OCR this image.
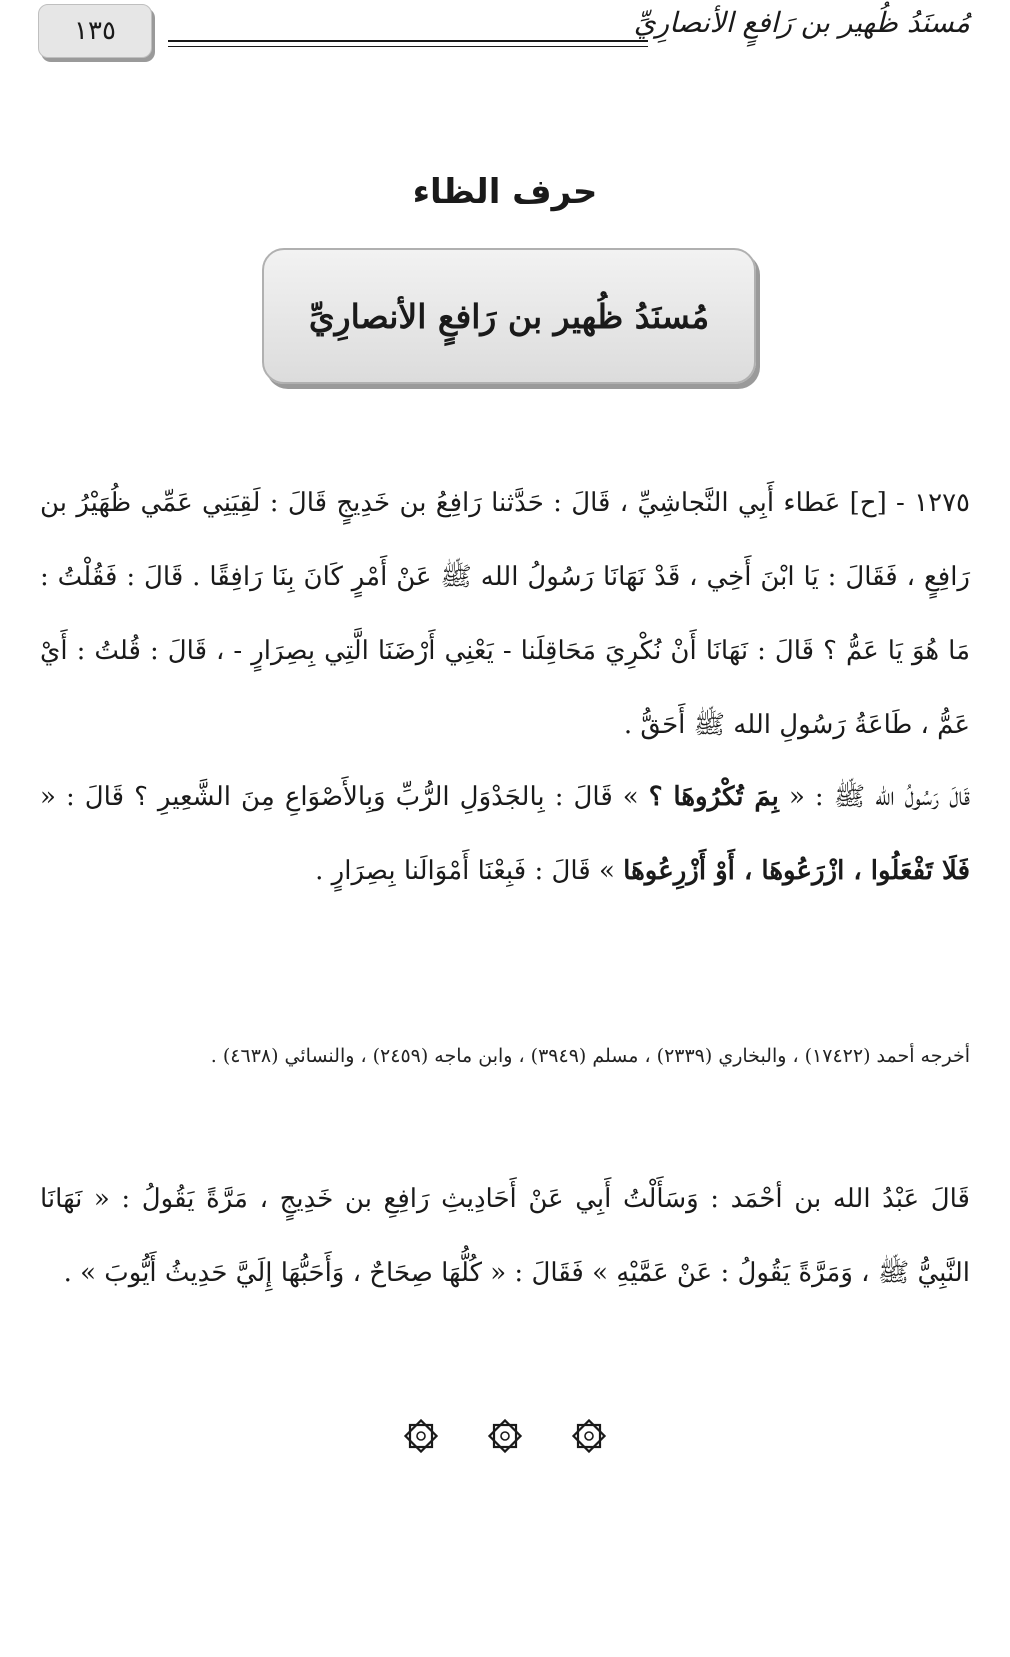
١٣٥	مُسنَدُ ظُهير بن رَافعٍ الأنصارِيِّ
حرف الظاء
مُسنَدُ ظُهير بن رَافعٍ الأنصارِيِّ
١٢٧٥ - [ح] عَطاء أَبِي النَّجاشِيِّ ، قَالَ : حَدَّثنا رَافِعُ بن خَدِيجٍ قَالَ : لَقِيَنِي عَمِّي ظُهَيْرُ بن رَافِعٍ ، فَقَالَ : يَا ابْنَ أَخِي ، قَدْ نَهَانَا رَسُولُ الله ﷺ عَنْ أَمْرٍ كَانَ بِنَا رَافِقًا . قَالَ : فَقُلْتُ : مَا هُوَ يَا عَمُّ ؟ قَالَ : نَهَانَا أَنْ نُكْرِيَ مَحَاقِلَنا - يَعْنِي أَرْضَنَا الَّتِي بِصِرَارٍ - ، قَالَ : قُلتُ : أَيْ عَمُّ ، طَاعَةُ رَسُولِ الله ﷺ أَحَقُّ .
قَالَ رَسُولُ الله ﷺ : « بِمَ تُكْرُوهَا ؟ » قَالَ : بِالجَدْوَلِ الرُّبِّ وَبِالأَصْوَاعِ مِنَ الشَّعِيرِ ؟ قَالَ : « فَلَا تَفْعَلُوا ، ازْرَعُوهَا ، أَوْ أَزْرِعُوهَا » قَالَ : فَبِعْنَا أَمْوَالَنا بِصِرَارٍ .
أخرجه أحمد (١٧٤٢٢) ، والبخاري (٢٣٣٩) ، مسلم (٣٩٤٩) ، وابن ماجه (٢٤٥٩) ، والنسائي (٤٦٣٨) .
قَالَ عَبْدُ الله بن أحْمَد : وَسَأَلْتُ أَبِي عَنْ أَحَادِيثِ رَافِعِ بن خَدِيجٍ ، مَرَّةً يَقُولُ : « نَهَانَا النَّبِيُّ ﷺ ، وَمَرَّةً يَقُولُ : عَنْ عَمَّيْهِ » فَقَالَ : « كُلُّهَا صِحَاحٌ ، وَأَحَبُّهَا إِلَيَّ حَدِيثُ أَيُّوبَ » .
